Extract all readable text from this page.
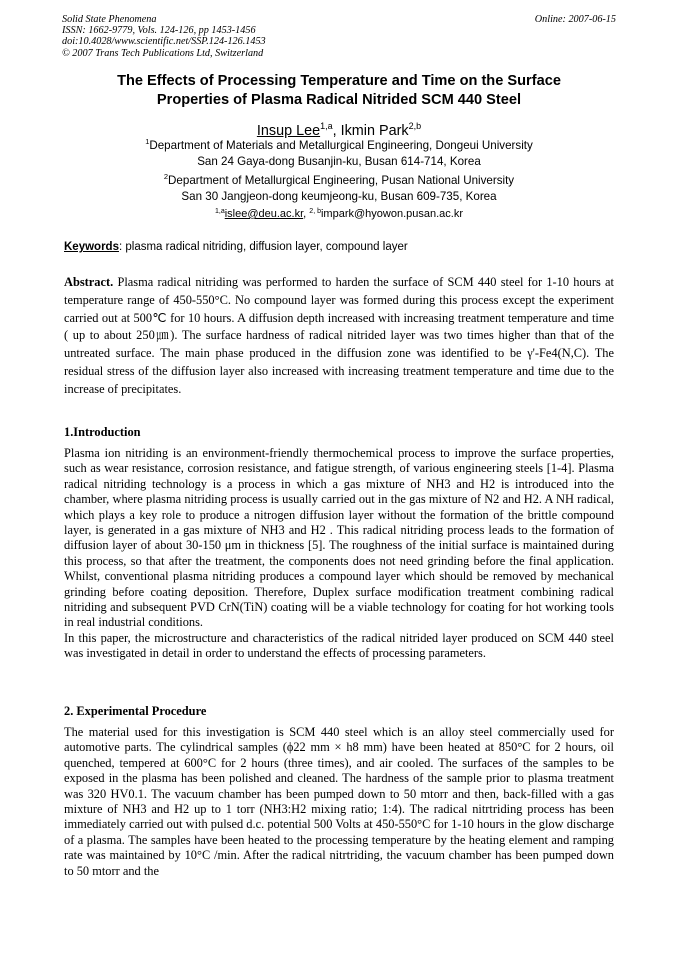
Solid State Phenomena
ISSN: 1662-9779, Vols. 124-126, pp 1453-1456
doi:10.4028/www.scientific.net/SSP.124-126.1453
© 2007 Trans Tech Publications Ltd, Switzerland
Online: 2007-06-15
The Effects of Processing Temperature and Time on the Surface
Properties of Plasma Radical Nitrided SCM 440 Steel
Insup Lee$^{1,a}$, Ikmin Park$^{2,b}$
$^1$Department of Materials and Metallurgical Engineering, Dongeui University
San 24 Gaya-dong Busanjin-ku, Busan 614-714, Korea
$^2$Department of Metallurgical Engineering, Pusan National University
San 30 Jangjeon-dong keumjeong-ku, Busan 609-735, Korea
$^{1,a}$islee@deu.ac.kr, $^{2, b}$impark@hyowon.pusan.ac.kr
Keywords: plasma radical nitriding, diffusion layer, compound layer

Abstract. Plasma radical nitriding was performed to harden the surface of SCM 440 steel for 1-10 hours at temperature range of 450-550°C. No compound layer was formed during this process except the experiment carried out at 500℃ for 10 hours. A diffusion depth increased with increasing treatment temperature and time ( up to about 250㎛). The surface hardness of radical nitrided layer was two times higher than that of the untreated surface. The main phase produced in the diffusion zone was identified to be γ'-Fe4(N,C). The residual stress of the diffusion layer also increased with increasing treatment temperature and time due to the increase of precipitates.

1.Introduction

Plasma ion nitriding is an environment-friendly thermochemical process to improve the surface properties, such as wear resistance, corrosion resistance, and fatigue strength, of various engineering steels [1-4]. Plasma radical nitriding technology is a process in which a gas mixture of NH3 and H2 is introduced into the chamber, where plasma nitriding process is usually carried out in the gas mixture of N2 and H2. A NH radical, which plays a key role to produce a nitrogen diffusion layer without the formation of the brittle compound layer, is generated in a gas mixture of NH3 and H2 . This radical nitriding process leads to the formation of diffusion layer of about 30-150 μm in thickness [5]. The roughness of the initial surface is maintained during this process, so that after the treatment, the components does not need grinding before the final application. Whilst, conventional plasma nitriding produces a compound layer which should be removed by mechanical grinding before coating deposition. Therefore, Duplex surface modification treatment combining radical nitriding and subsequent PVD CrN(TiN) coating will be a viable technology for coating for hot working tools in real industrial conditions.

In this paper, the microstructure and characteristics of the radical nitrided layer produced on SCM 440 steel was investigated in detail in order to understand the effects of processing parameters.

2. Experimental Procedure

The material used for this investigation is SCM 440 steel which is an alloy steel commercially used for automotive parts. The cylindrical samples (ϕ22 mm × h8 mm) have been heated at 850°C for 2 hours, oil quenched, tempered at 600°C for 2 hours (three times), and air cooled. The surfaces of the samples to be exposed in the plasma has been polished and cleaned. The hardness of the sample prior to plasma treatment was 320 HV0.1. The vacuum chamber has been pumped down to 50 mtorr and then, back-filled with a gas mixture of NH3 and H2 up to 1 torr (NH3:H2 mixing ratio; 1:4). The radical nitrtriding process has been immediately carried out with pulsed d.c. potential 500 Volts at 450-550°C for 1-10 hours in the glow discharge of a plasma. The samples have been heated to the processing temperature by the heating element and ramping rate was maintained by 10°C /min. After the radical nitrtriding, the vacuum chamber has been pumped down to 50 mtorr and the
